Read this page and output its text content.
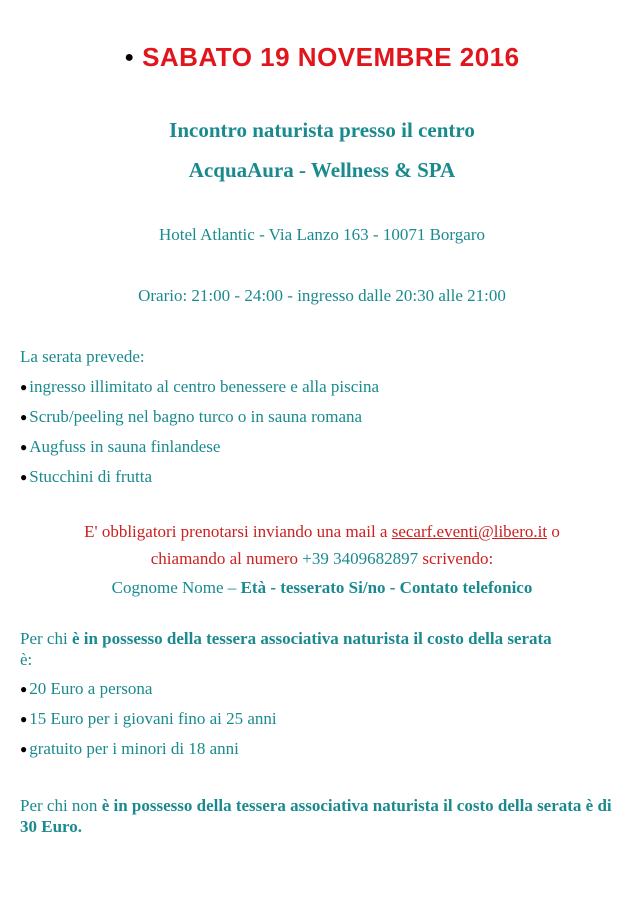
● SABATO 19 NOVEMBRE 2016
Incontro naturista presso il centro
AcquaAura - Wellness & SPA
Hotel Atlantic - Via Lanzo 163 - 10071 Borgaro
Orario: 21:00 - 24:00 - ingresso dalle 20:30 alle 21:00
La serata prevede:
● ingresso illimitato al centro benessere e alla piscina
● Scrub/peeling nel bagno turco o in sauna romana
● Augfuss in sauna finlandese
● Stucchini di frutta
E' obbligatori prenotarsi inviando una mail a secarf.eventi@libero.it o
chiamando al numero +39 3409682897 scrivendo:
Cognome Nome – Età - tesserato Si/no - Contato telefonico
Per chi è in possesso della tessera associativa naturista il costo della serata
è:
● 20 Euro a persona
● 15 Euro per i giovani fino ai 25 anni
● gratuito per i minori di 18 anni
Per chi non è in possesso della tessera associativa naturista il costo della serata è di 30 Euro.
